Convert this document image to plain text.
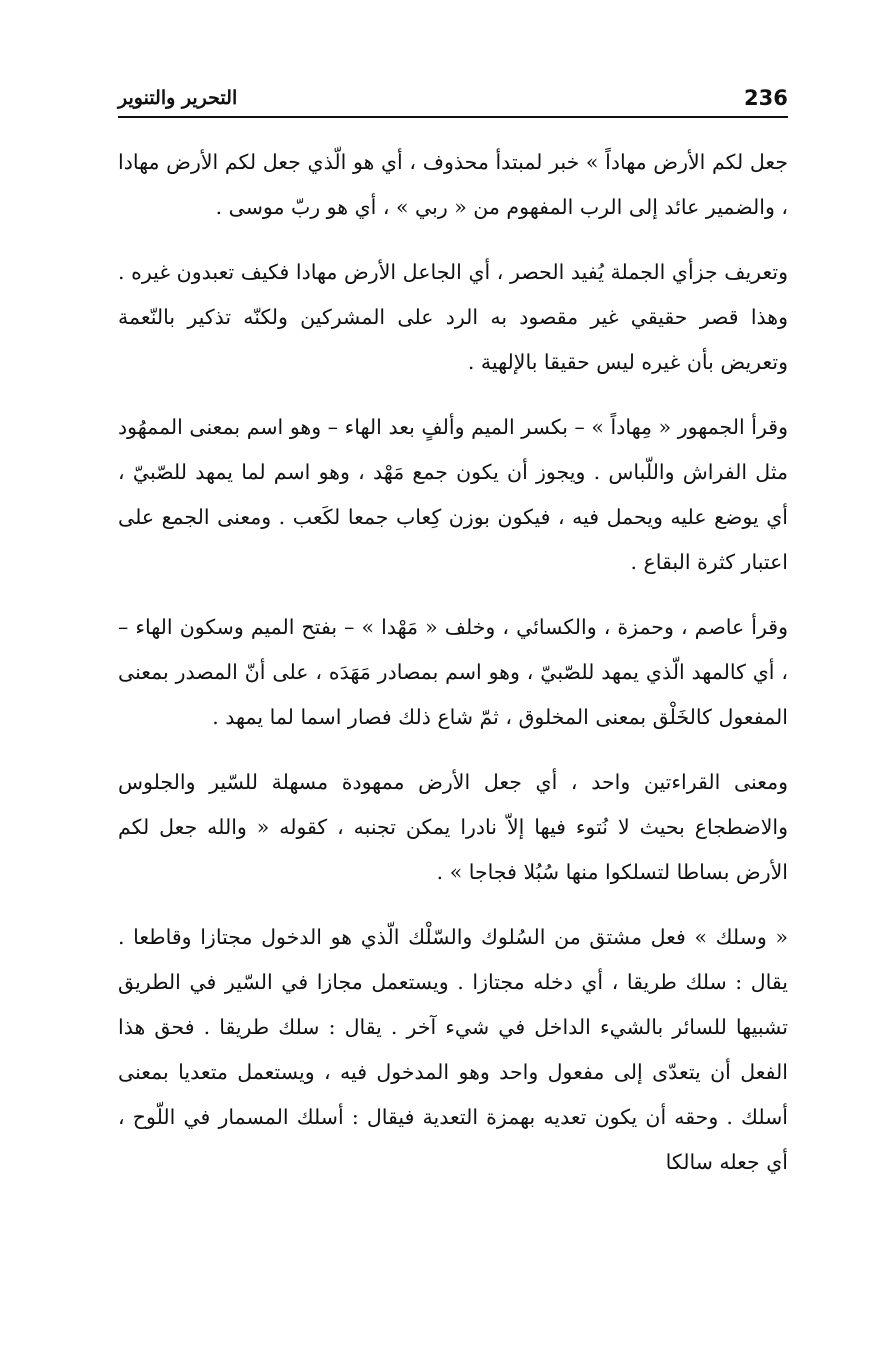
236
التحرير والتنوير

جعل لكم الأرض مهاداً » خبر لمبتدأ محذوف ، أي هو الّذي جعل لكم الأرض مهادا ، والضمير عائد إلى الرب المفهوم من « ربي » ، أي هو ربّ موسى .

وتعريف جزأي الجملة يُفيد الحصر ، أي الجاعل الأرض مهادا فكيف تعبدون غيره . وهذا قصر حقيقي غير مقصود به الرد على المشركين ولكنّه تذكير بالنّعمة وتعريض بأن غيره ليس حقيقا بالإلهية .

وقرأ الجمهور « مِهاداً » – بكسر الميم وألفٍ بعد الهاء – وهو اسم بمعنى الممهُود مثل الفراش واللّباس . ويجوز أن يكون جمع مَهْد ، وهو اسم لما يمهد للصّبيّ ، أي يوضع عليه ويحمل فيه ، فيكون بوزن كِعاب جمعا لكَعب . ومعنى الجمع على اعتبار كثرة البقاع .

وقرأ عاصم ، وحمزة ، والكسائي ، وخلف « مَهْدا » – بفتح الميم وسكون الهاء – ، أي كالمهد الّذي يمهد للصّبيّ ، وهو اسم بمصادر مَهَدَه ، على أنّ المصدر بمعنى المفعول كالخَلْق بمعنى المخلوق ، ثمّ شاع ذلك فصار اسما لما يمهد .

ومعنى القراءتين واحد ، أي جعل الأرض ممهودة مسهلة للسّير والجلوس والاضطجاع بحيث لا نُتوء فيها إلاّ نادرا يمكن تجنبه ، كقوله « والله جعل لكم الأرض بساطا لتسلكوا منها سُبُلا فجاجا » .

« وسلك » فعل مشتق من السُلوك والسّلْك الّذي هو الدخول مجتازا وقاطعا . يقال : سلك طريقا ، أي دخله مجتازا . ويستعمل مجازا في السّير في الطريق تشبيها للسائر بالشيء الداخل في شيء آخر . يقال : سلك طريقا . فحق هذا الفعل أن يتعدّى إلى مفعول واحد وهو المدخول فيه ، ويستعمل متعديا بمعنى أسلك . وحقه أن يكون تعديه بهمزة التعدية فيقال : أسلك المسمار في اللّوح ، أي جعله سالكا
